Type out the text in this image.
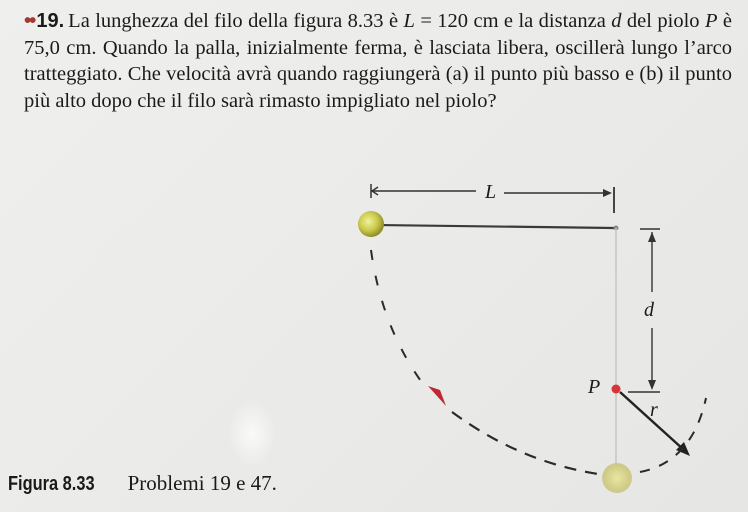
•• 19. La lunghezza del filo della figura 8.33 è L = 120 cm e la distanza d del piolo P è 75,0 cm. Quando la palla, inizialmente ferma, è lasciata libera, oscillerà lungo l’arco tratteggiato. Che velocità avrà quando raggiungerà (a) il punto più basso e (b) il punto più alto dopo che il filo sarà rimasto impigliato nel piolo?

L
d
P
r

Figura 8.33 Problemi 19 e 47.
